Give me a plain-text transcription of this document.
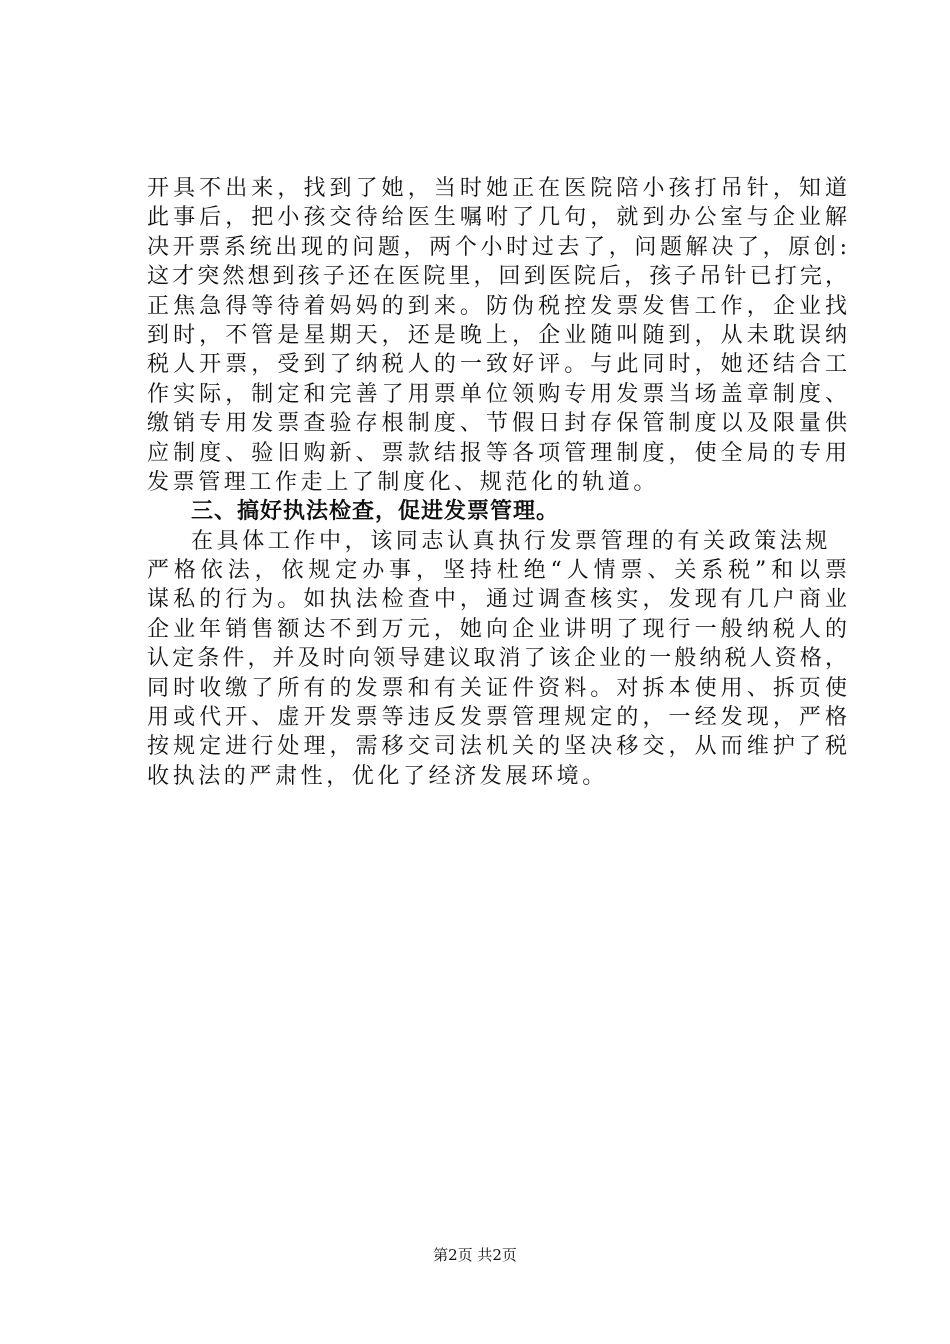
开具不出来，找到了她，当时她正在医院陪小孩打吊针，知道
此事后，把小孩交待给医生嘱咐了几句，就到办公室与企业解
决开票系统出现的问题，两个小时过去了，问题解决了，原创:
这才突然想到孩子还在医院里，回到医院后，孩子吊针已打完，
正焦急得等待着妈妈的到来。防伪税控发票发售工作，企业找
到时，不管是星期天，还是晚上，企业随叫随到，从未耽误纳
税人开票，受到了纳税人的一致好评。与此同时，她还结合工
作实际，制定和完善了用票单位领购专用发票当场盖章制度、
缴销专用发票查验存根制度、节假日封存保管制度以及限量供
应制度、验旧购新、票款结报等各项管理制度，使全局的专用
发票管理工作走上了制度化、规范化的轨道。
三、搞好执法检查，促进发票管理。
在具体工作中，该同志认真执行发票管理的有关政策法规
严格依法，依规定办事，坚持杜绝“人情票、关系税”和以票
谋私的行为。如执法检查中，通过调查核实，发现有几户商业
企业年销售额达不到万元，她向企业讲明了现行一般纳税人的
认定条件，并及时向领导建议取消了该企业的一般纳税人资格，
同时收缴了所有的发票和有关证件资料。对拆本使用、拆页使
用或代开、虚开发票等违反发票管理规定的，一经发现，严格
按规定进行处理，需移交司法机关的坚决移交，从而维护了税
收执法的严肃性，优化了经济发展环境。
第2页 共2页
